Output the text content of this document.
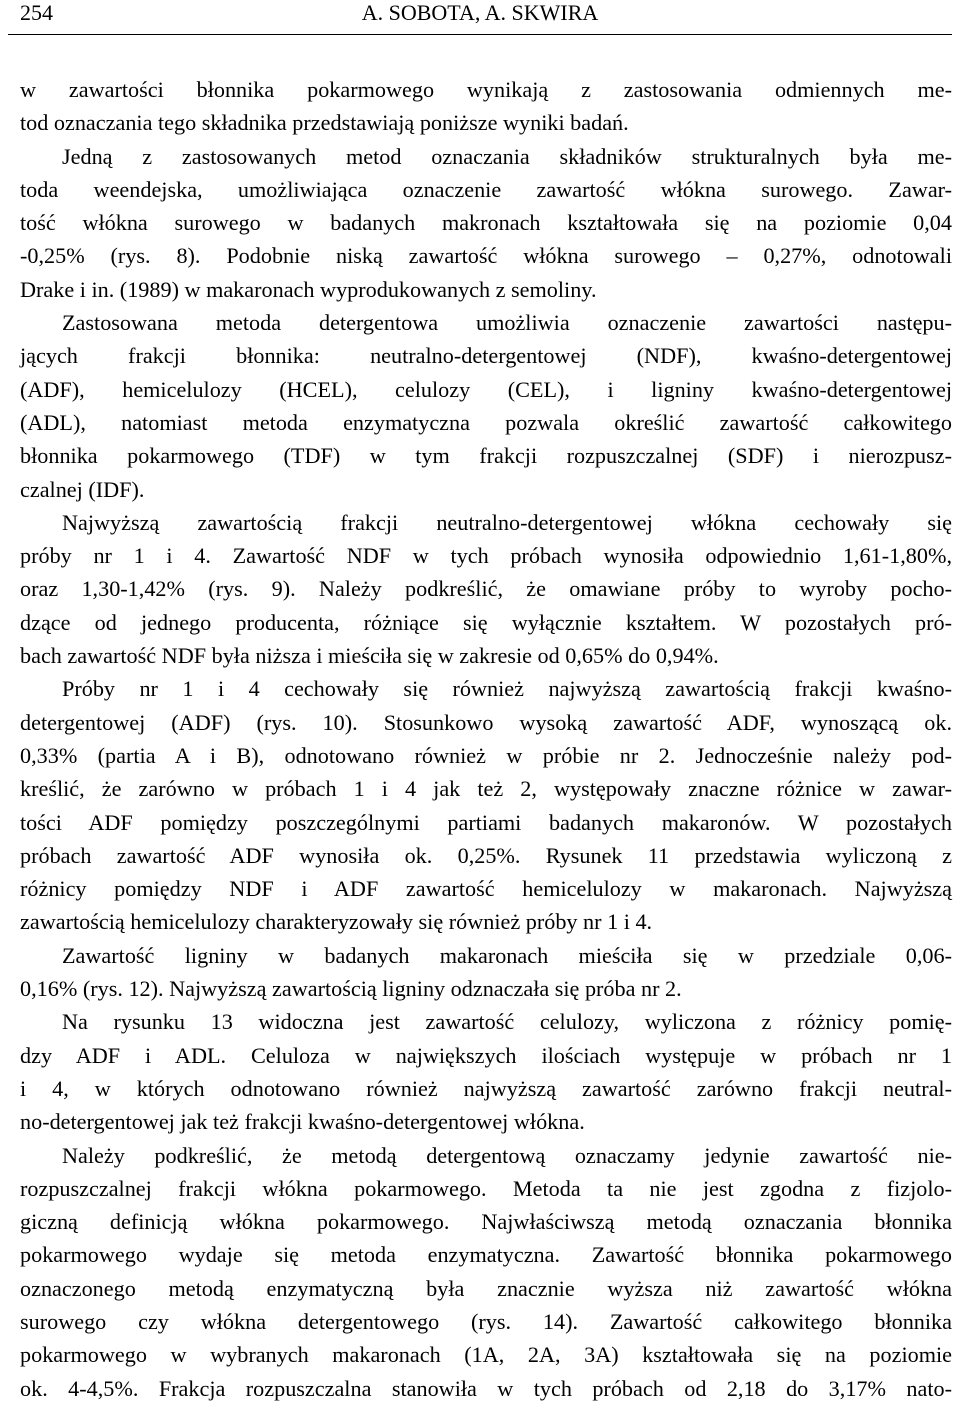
254	A. SOBOTA, A. SKWIRA
w zawartości błonnika pokarmowego wynikają z zastosowania odmiennych me-
tod oznaczania tego składnika przedstawiają poniższe wyniki badań.
Jedną z zastosowanych metod oznaczania składników strukturalnych była me-
toda weendejska, umożliwiająca oznaczenie zawartość włókna surowego. Zawar-
tość włókna surowego w badanych makronach kształtowała się na poziomie 0,04
-0,25% (rys. 8). Podobnie niską zawartość włókna surowego – 0,27%, odnotowali
Drake i in. (1989) w makaronach wyprodukowanych z semoliny.
Zastosowana metoda detergentowa umożliwia oznaczenie zawartości następu-
jących frakcji błonnika: neutralno-detergentowej (NDF), kwaśno-detergentowej
(ADF), hemicelulozy (HCEL), celulozy (CEL), i ligniny kwaśno-detergentowej
(ADL), natomiast metoda enzymatyczna pozwala określić zawartość całkowitego
błonnika pokarmowego (TDF) w tym frakcji rozpuszczalnej (SDF) i nierozpusz-
czalnej (IDF).
Najwyższą zawartością frakcji neutralno-detergentowej włókna cechowały się
próby nr 1 i 4. Zawartość NDF w tych próbach wynosiła odpowiednio 1,61-1,80%,
oraz 1,30-1,42% (rys. 9). Należy podkreślić, że omawiane próby to wyroby pocho-
dzące od jednego producenta, różniące się wyłącznie kształtem. W pozostałych pró-
bach zawartość NDF była niższa i mieściła się w zakresie od 0,65% do 0,94%.
Próby nr 1 i 4 cechowały się również najwyższą zawartością frakcji kwaśno-
detergentowej (ADF) (rys. 10). Stosunkowo wysoką zawartość ADF, wynoszącą ok.
0,33% (partia A i B), odnotowano również w próbie nr 2. Jednocześnie należy pod-
kreślić, że zarówno w próbach 1 i 4 jak też 2, występowały znaczne różnice w zawar-
tości ADF pomiędzy poszczególnymi partiami badanych makaronów. W pozostałych
próbach zawartość ADF wynosiła ok. 0,25%. Rysunek 11 przedstawia wyliczoną z
różnicy pomiędzy NDF i ADF zawartość hemicelulozy w makaronach. Najwyższą
zawartością hemicelulozy charakteryzowały się również próby nr 1 i 4.
Zawartość ligniny w badanych makaronach mieściła się w przedziale 0,06-
0,16% (rys. 12). Najwyższą zawartością ligniny odznaczała się próba nr 2.
Na rysunku 13 widoczna jest zawartość celulozy, wyliczona z różnicy pomię-
dzy ADF i ADL. Celuloza w największych ilościach występuje w próbach nr 1
i 4, w których odnotowano również najwyższą zawartość zarówno frakcji neutral-
no-detergentowej jak też frakcji kwaśno-detergentowej włókna.
Należy podkreślić, że metodą detergentową oznaczamy jedynie zawartość nie-
rozpuszczalnej frakcji włókna pokarmowego. Metoda ta nie jest zgodna z fizjolo-
giczną definicją włókna pokarmowego. Najwłaściwszą metodą oznaczania błonnika
pokarmowego wydaje się metoda enzymatyczna. Zawartość błonnika pokarmowego
oznaczonego metodą enzymatyczną była znacznie wyższa niż zawartość włókna
surowego czy włókna detergentowego (rys. 14). Zawartość całkowitego błonnika
pokarmowego w wybranych makaronach (1A, 2A, 3A) kształtowała się na poziomie
ok. 4-4,5%. Frakcja rozpuszczalna stanowiła w tych próbach od 2,18 do 3,17% nato-
